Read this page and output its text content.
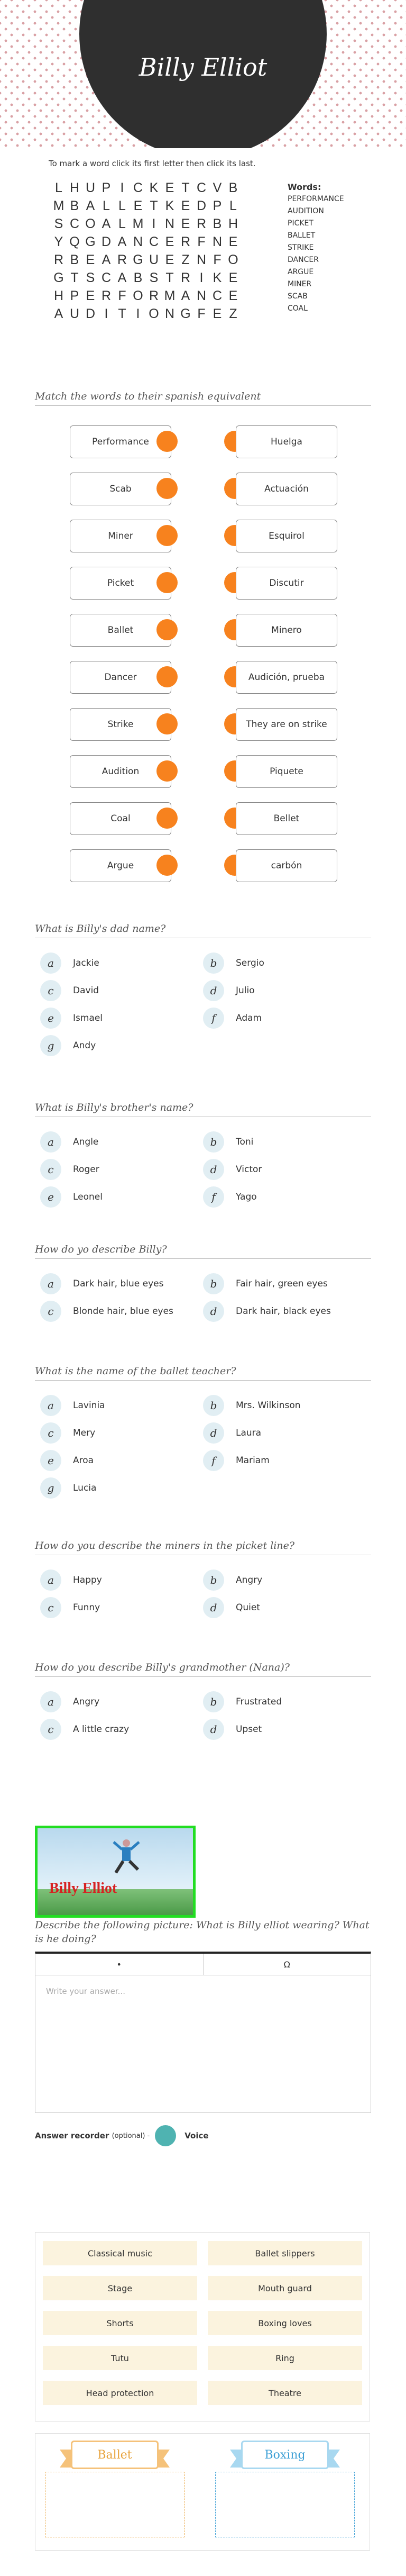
Billy Elliot
To mark a word click its first letter then click its last.
L H U P I C K E T C V B
M B A L L E T K E D P L
S C O A L M I N E R B H
Y Q G D A N C E R F N E
R B E A R G U E Z N F O
G T S C A B S T R I K E
H P E R F O R M A N C E
A U D I T I O N G F E Z
Words:
PERFORMANCE
AUDITION
PICKET
BALLET
STRIKE
DANCER
ARGUE
MINER
SCAB
COAL
Match the words to their spanish equivalent
Performance	Huelga
Scab	Actuación
Miner	Esquirol
Picket	Discutir
Ballet	Minero
Dancer	Audición, prueba
Strike	They are on strike
Audition	Piquete
Coal	Bellet
Argue	carbón
What is Billy's dad name?
a	Jackie	b	Sergio
c	David	d	Julio
e	Ismael	f	Adam
g	Andy
What is Billy's brother's name?
a	Angle	b	Toni
c	Roger	d	Victor
e	Leonel	f	Yago
How do yo describe Billy?
a	Dark hair, blue eyes	b	Fair hair, green eyes
c	Blonde hair, blue eyes	d	Dark hair, black eyes
What is the name of the ballet teacher?
a	Lavinia	b	Mrs. Wilkinson
c	Mery	d	Laura
e	Aroa	f	Mariam
g	Lucia
How do you describe the miners in the picket line?
a	Happy	b	Angry
c	Funny	d	Quiet
How do you describe Billy's grandmother (Nana)?
a	Angry	b	Frustrated
c	A little crazy	d	Upset
Billy Elliot
Describe the following picture: What is Billy elliot wearing? What is he doing?
•	Ω
Write your answer...
Answer recorder
(optional) -	Voice
Classical music	Ballet slippers
Stage	Mouth guard
Shorts	Boxing loves
Tutu	Ring
Head protection	Theatre
Ballet	Boxing
